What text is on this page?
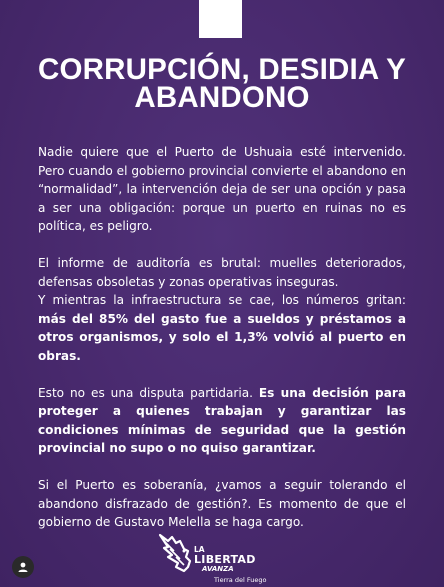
CORRUPCIÓN, DESIDIA Y
ABANDONO

Nadie quiere que el Puerto de Ushuaia esté intervenido. Pero cuando el gobierno provincial convierte el abandono en “normalidad”, la intervención deja de ser una opción y pasa a ser una obligación: porque un puerto en ruinas no es política, es peligro.

El informe de auditoría es brutal: muelles deteriorados, defensas obsoletas y zonas operativas inseguras.

Y mientras la infraestructura se cae, los números gritan: más del 85% del gasto fue a sueldos y préstamos a otros organismos, y solo el 1,3% volvió al puerto en obras.

Esto no es una disputa partidaria. Es una decisión para proteger a quienes trabajan y garantizar las condiciones mínimas de seguridad que la gestión provincial no supo o no quiso garantizar.

Si el Puerto es soberanía, ¿vamos a seguir tolerando el abandono disfrazado de gestión?. Es momento de que el gobierno de Gustavo Melella se haga cargo.

LA
LIBERTAD
AVANZA
Tierra del Fuego
